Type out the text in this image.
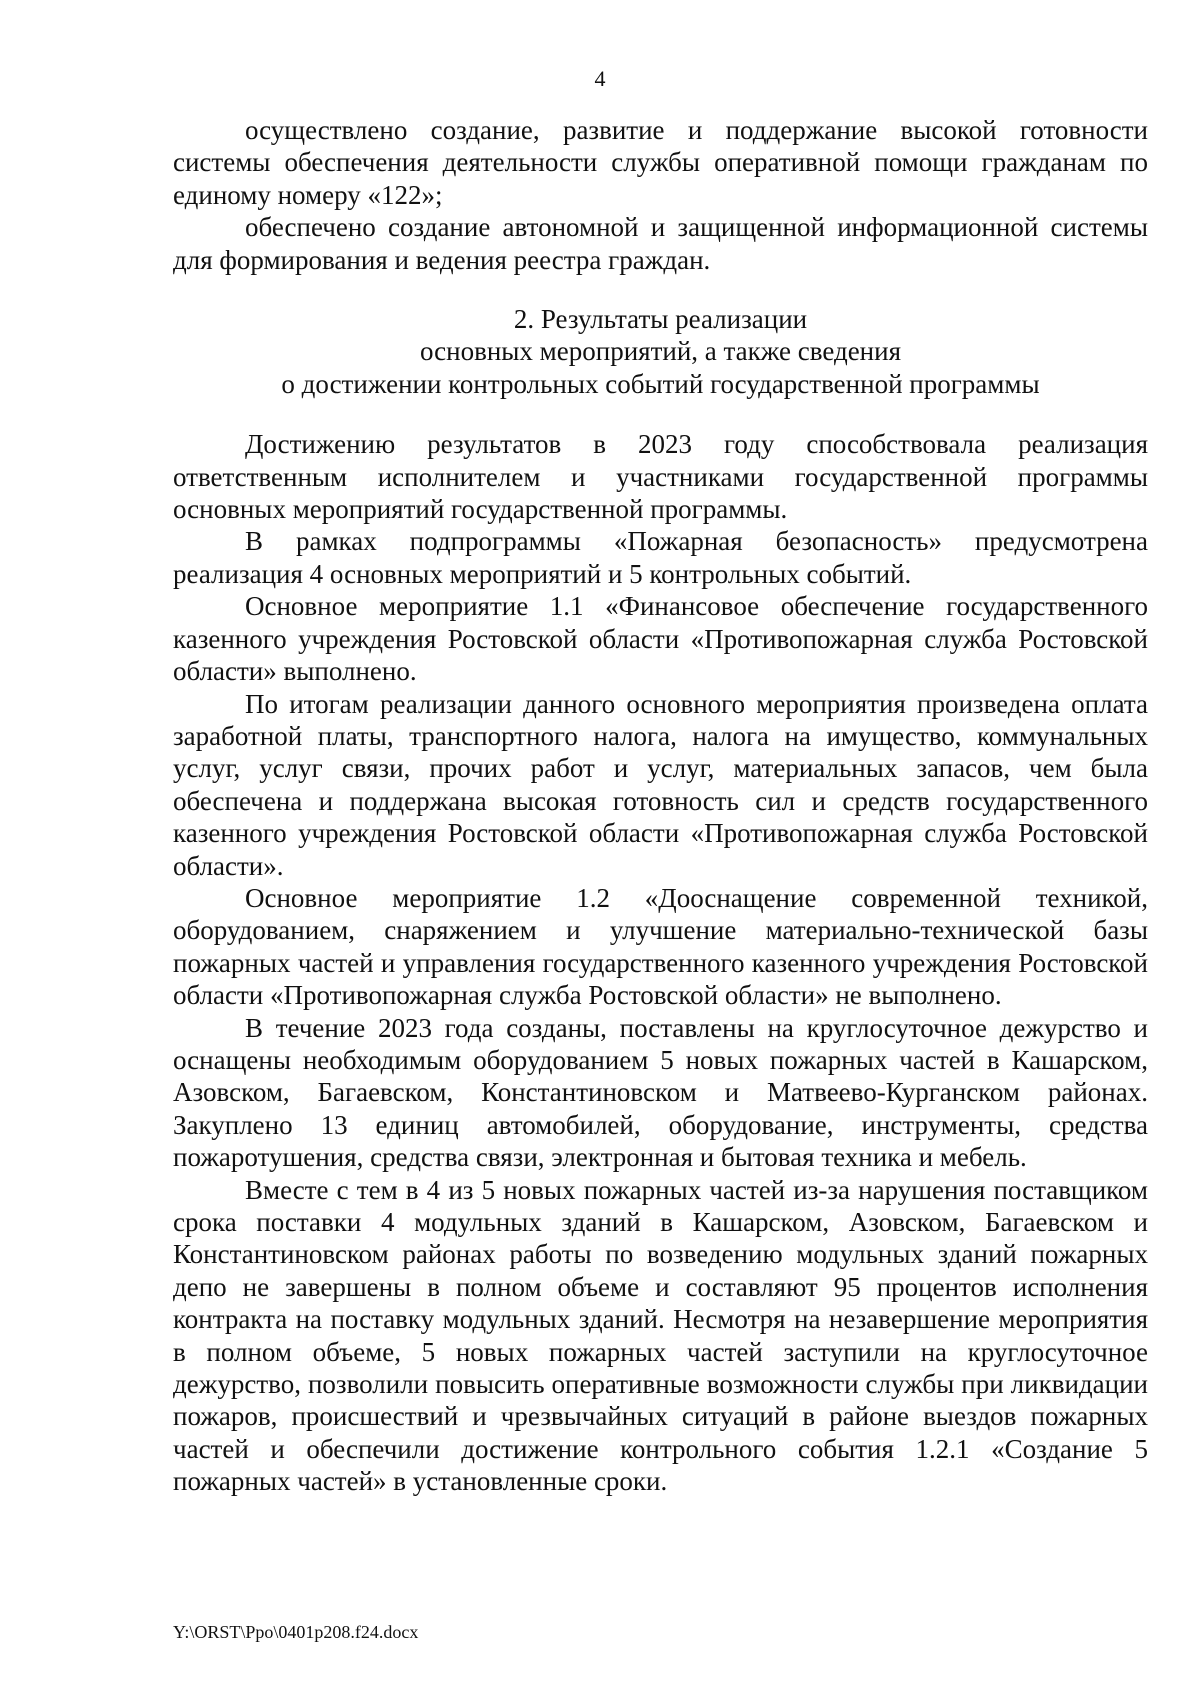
4

осуществлено создание, развитие и поддержание высокой готовности системы обеспечения деятельности службы оперативной помощи гражданам по единому номеру «122»;

обеспечено создание автономной и защищенной информационной системы для формирования и ведения реестра граждан.

2. Результаты реализации
основных мероприятий, а также сведения
о достижении контрольных событий государственной программы

Достижению результатов в 2023 году способствовала реализация ответственным исполнителем и участниками государственной программы основных мероприятий государственной программы.

В рамках подпрограммы «Пожарная безопасность» предусмотрена реализация 4 основных мероприятий и 5 контрольных событий.

Основное мероприятие 1.1 «Финансовое обеспечение государственного казенного учреждения Ростовской области «Противопожарная служба Ростовской области» выполнено.

По итогам реализации данного основного мероприятия произведена оплата заработной платы, транспортного налога, налога на имущество, коммунальных услуг, услуг связи, прочих работ и услуг, материальных запасов, чем была обеспечена и поддержана высокая готовность сил и средств государственного казенного учреждения Ростовской области «Противопожарная служба Ростовской области».

Основное мероприятие 1.2 «Дооснащение современной техникой, оборудованием, снаряжением и улучшение материально-технической базы пожарных частей и управления государственного казенного учреждения Ростовской области «Противопожарная служба Ростовской области» не выполнено.

В течение 2023 года созданы, поставлены на круглосуточное дежурство и оснащены необходимым оборудованием 5 новых пожарных частей в Кашарском, Азовском, Багаевском, Константиновском и Матвеево-Курганском районах. Закуплено 13 единиц автомобилей, оборудование, инструменты, средства пожаротушения, средства связи, электронная и бытовая техника и мебель.

Вместе с тем в 4 из 5 новых пожарных частей из-за нарушения поставщиком срока поставки 4 модульных зданий в Кашарском, Азовском, Багаевском и Константиновском районах работы по возведению модульных зданий пожарных депо не завершены в полном объеме и составляют 95 процентов исполнения контракта на поставку модульных зданий. Несмотря на незавершение мероприятия в полном объеме, 5 новых пожарных частей заступили на круглосуточное дежурство, позволили повысить оперативные возможности службы при ликвидации пожаров, происшествий и чрезвычайных ситуаций в районе выездов пожарных частей и обеспечили достижение контрольного события 1.2.1 «Создание 5 пожарных частей» в установленные сроки.

Y:\ORST\Ppo\0401p208.f24.docx
